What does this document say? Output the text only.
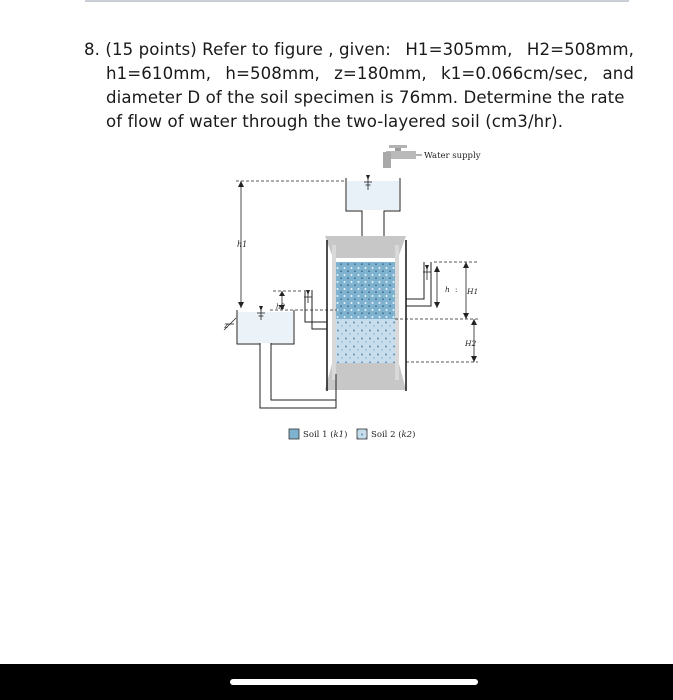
8. (15 points) Refer to figure , given: H1=305mm, H2=508mm,
h1=610mm, h=508mm, z=180mm, k1=0.066cm/sec, and
diameter D of the soil specimen is 76mm. Determine the rate
of flow of water through the two-layered soil (cm3/hr).

Water supply
h1
h2
z
h : H1
H2
Soil 1 (k1)	Soil 2 (k2)
